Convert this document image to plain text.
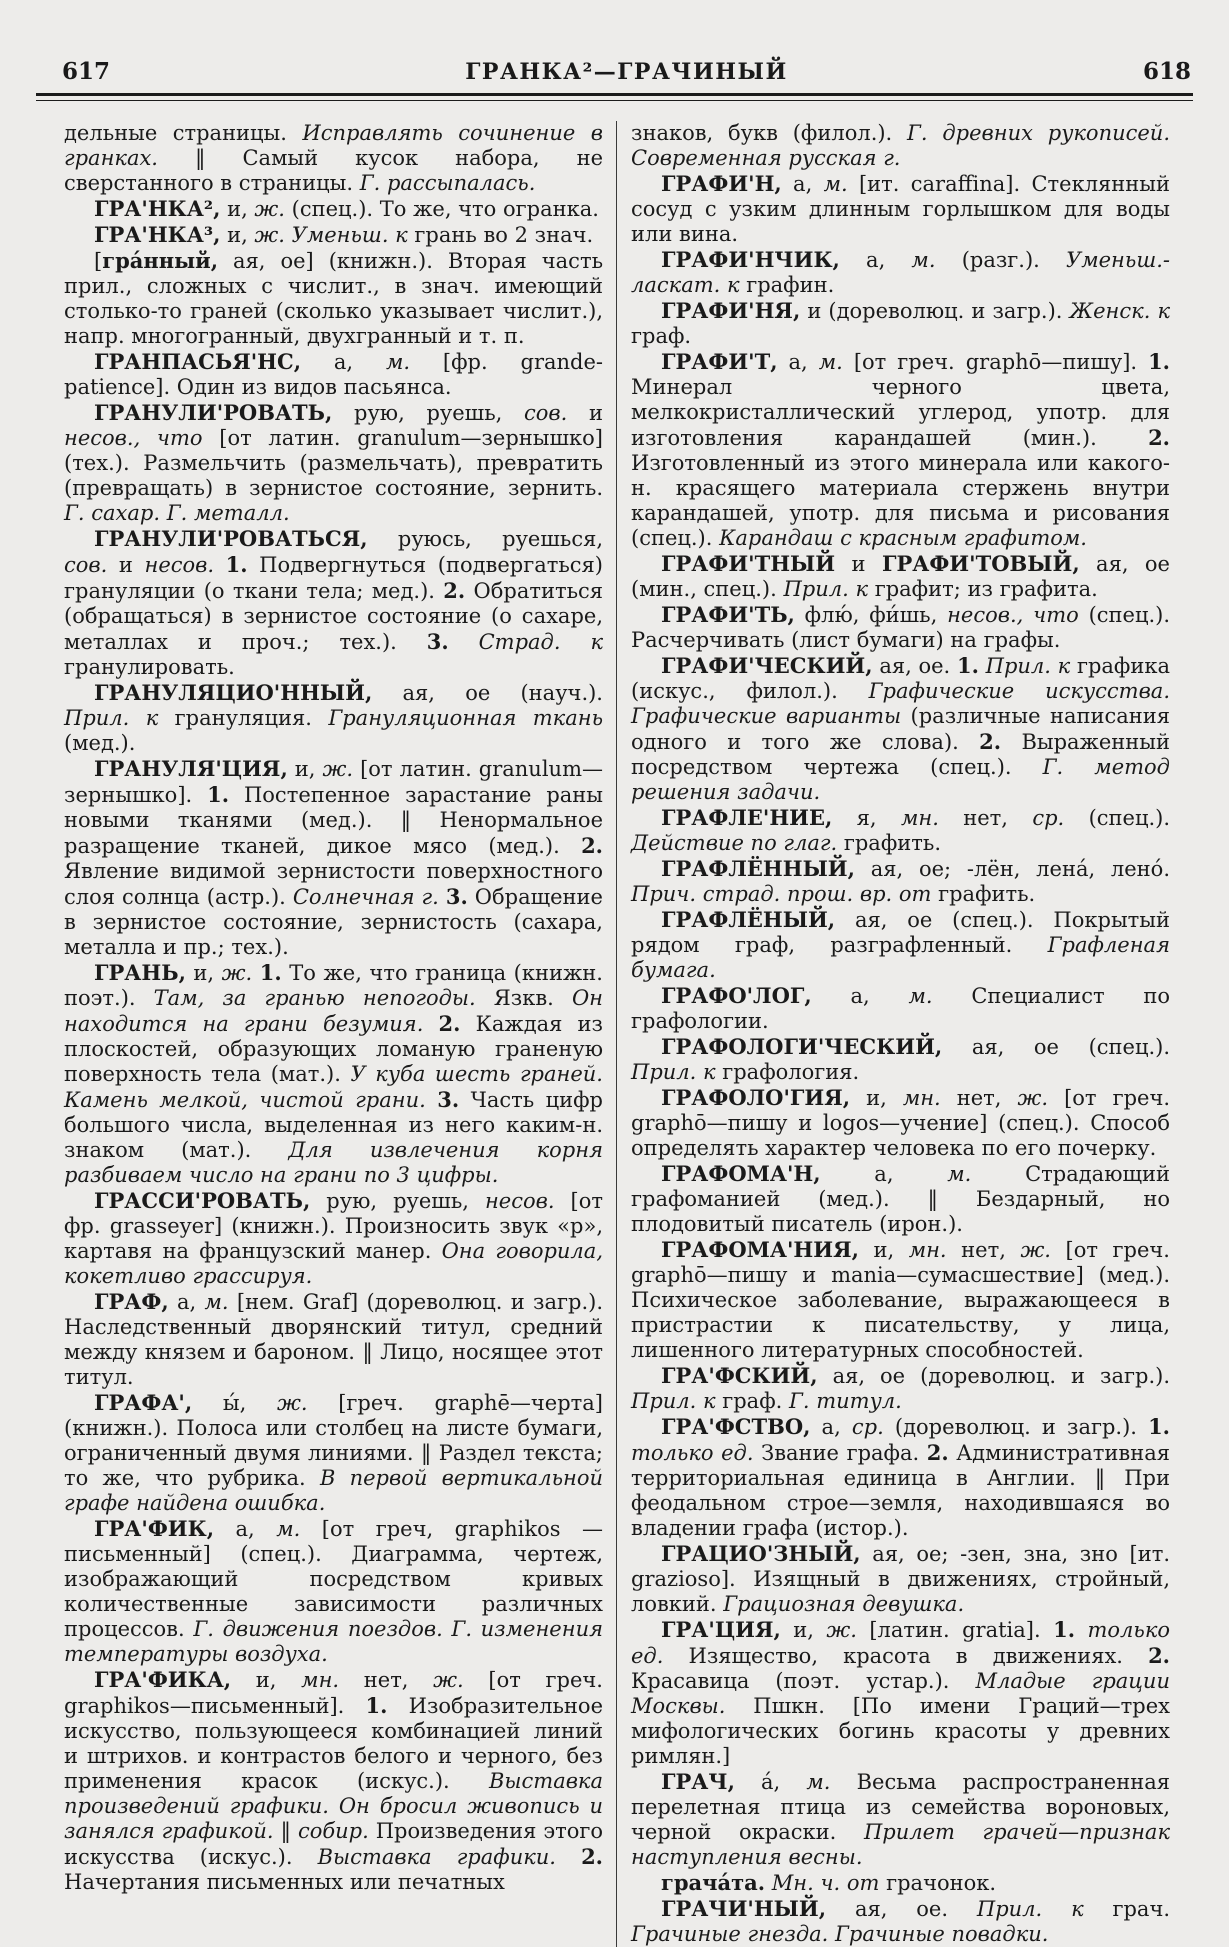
617	ГРАНКА²—ГРАЧИНЫЙ	618

дельные страницы. Исправлять сочинение в гранках. ‖ Самый кусок набора, не сверстанного в страницы. Г. рассыпалась.

ГРА'НКА², и, ж. (спец.). То же, что огранка.

ГРА'НКА³, и, ж. Уменьш. к грань во 2 знач.

[гра́нный, ая, ое] (книжн.). Вторая часть прил., сложных с числит., в знач. имеющий столько-то граней (сколько указывает числит.), напр. многогранный, двухгранный и т. п.

ГРАНПАСЬЯ'НС, а, м. [фр. grande-patience]. Один из видов пасьянса.

ГРАНУЛИ'РОВАТЬ, рую, руешь, сов. и несов., что [от латин. granulum—зернышко] (тех.). Размельчить (размельчать), превратить (превращать) в зернистое состояние, зернить. Г. сахар. Г. металл.

ГРАНУЛИ'РОВАТЬСЯ, руюсь, руешься, сов. и несов. 1. Подвергнуться (подвергаться) грануляции (о ткани тела; мед.). 2. Обратиться (обращаться) в зернистое состояние (о сахаре, металлах и проч.; тех.). 3. Страд. к гранулировать.

ГРАНУЛЯЦИО'ННЫЙ, ая, ое (науч.). Прил. к грануляция. Грануляционная ткань (мед.).

ГРАНУЛЯ'ЦИЯ, и, ж. [от латин. granulum—зернышко]. 1. Постепенное зарастание раны новыми тканями (мед.). ‖ Ненормальное разращение тканей, дикое мясо (мед.). 2. Явление видимой зернистости поверхностного слоя солнца (астр.). Солнечная г. 3. Обращение в зернистое состояние, зернистость (сахара, металла и пр.; тех.).

ГРАНЬ, и, ж. 1. То же, что граница (книжн. поэт.). Там, за гранью непогоды. Язкв. Он находится на грани безумия. 2. Каждая из плоскостей, образующих ломаную граненую поверхность тела (мат.). У куба шесть граней. Камень мелкой, чистой грани. 3. Часть цифр большого числа, выделенная из него каким-н. знаком (мат.). Для извлечения корня разбиваем число на грани по 3 цифры.

ГРАССИ'РОВАТЬ, рую, руешь, несов. [от фр. grasseyer] (книжн.). Произносить звук «р», картавя на французский манер. Она говорила, кокетливо грассируя.

ГРАФ, а, м. [нем. Graf] (дореволюц. и загр.). Наследственный дворянский титул, средний между князем и бароном. ‖ Лицо, носящее этот титул.

ГРАФА', ы́, ж. [греч. graphē—черта] (книжн.). Полоса или столбец на листе бумаги, ограниченный двумя линиями. ‖ Раздел текста; то же, что рубрика. В первой вертикальной графе найдена ошибка.

ГРА'ФИК, а, м. [от греч, graphikos — письменный] (спец.). Диаграмма, чертеж, изображающий посредством кривых количественные зависимости различных процессов. Г. движения поездов. Г. изменения температуры воздуха.

ГРА'ФИКА, и, мн. нет, ж. [от греч. graphikos—письменный]. 1. Изобразительное искусство, пользующееся комбинацией линий и штрихов. и контрастов белого и черного, без применения красок (искус.). Выставка произведений графики. Он бросил живопись и занялся графикой. ‖ собир. Произведения этого искусства (искус.). Выставка графики. 2. Начертания письменных или печатных

знаков, букв (филол.). Г. древних рукописей. Современная русская г.

ГРАФИ'Н, а, м. [ит. caraffina]. Стеклянный сосуд с узким длинным горлышком для воды или вина.

ГРАФИ'НЧИК, а, м. (разг.). Уменьш.-ласкат. к графин.

ГРАФИ'НЯ, и (дореволюц. и загр.). Женск. к граф.

ГРАФИ'Т, а, м. [от греч. graphō—пишу]. 1. Минерал черного цвета, мелкокристаллический углерод, употр. для изготовления карандашей (мин.). 2. Изготовленный из этого минерала или какого-н. красящего материала стержень внутри карандашей, употр. для письма и рисования (спец.). Карандаш с красным графитом.

ГРАФИ'ТНЫЙ и ГРАФИ'ТОВЫЙ, ая, ое (мин., спец.). Прил. к графит; из графита.

ГРАФИ'ТЬ, флю́, фи́шь, несов., что (спец.). Расчерчивать (лист бумаги) на графы.

ГРАФИ'ЧЕСКИЙ, ая, ое. 1. Прил. к графика (искус., филол.). Графические искусства. Графические варианты (различные написания одного и того же слова). 2. Выраженный посредством чертежа (спец.). Г. метод решения задачи.

ГРАФЛЕ'НИЕ, я, мн. нет, ср. (спец.). Действие по глаг. графить.

ГРАФЛЁННЫЙ, ая, ое; -лён, лена́, лено́. Прич. страд. прош. вр. от графить.

ГРАФЛЁНЫЙ, ая, ое (спец.). Покрытый рядом граф, разграфленный. Графленая бумага.

ГРАФО'ЛОГ, а, м. Специалист по графологии.

ГРАФОЛОГИ'ЧЕСКИЙ, ая, ое (спец.). Прил. к графология.

ГРАФОЛО'ГИЯ, и, мн. нет, ж. [от греч. graphō—пишу и logos—учение] (спец.). Способ определять характер человека по его почерку.

ГРАФОМА'Н, а, м. Страдающий графоманией (мед.). ‖ Бездарный, но плодовитый писатель (ирон.).

ГРАФОМА'НИЯ, и, мн. нет, ж. [от греч. graphō—пишу и mania—сумасшествие] (мед.). Психическое заболевание, выражающееся в пристрастии к писательству, у лица, лишенного литературных способностей.

ГРА'ФСКИЙ, ая, ое (дореволюц. и загр.). Прил. к граф. Г. титул.

ГРА'ФСТВО, а, ср. (дореволюц. и загр.). 1. только ед. Звание графа. 2. Административная территориальная единица в Англии. ‖ При феодальном строе—земля, находившаяся во владении графа (истор.).

ГРАЦИО'ЗНЫЙ, ая, ое; -зен, зна, зно [ит. grazioso]. Изящный в движениях, стройный, ловкий. Грациозная девушка.

ГРА'ЦИЯ, и, ж. [латин. gratia]. 1. только ед. Изящество, красота в движениях. 2. Красавица (поэт. устар.). Младые грации Москвы. Пшкн. [По имени Граций—трех мифологических богинь красоты у древних римлян.]

ГРАЧ, а́, м. Весьма распространенная перелетная птица из семейства вороновых, черной окраски. Прилет грачей—признак наступления весны.

грача́та. Мн. ч. от грачонок.

ГРАЧИ'НЫЙ, ая, ое. Прил. к грач. Грачиные гнезда. Грачиные повадки.
